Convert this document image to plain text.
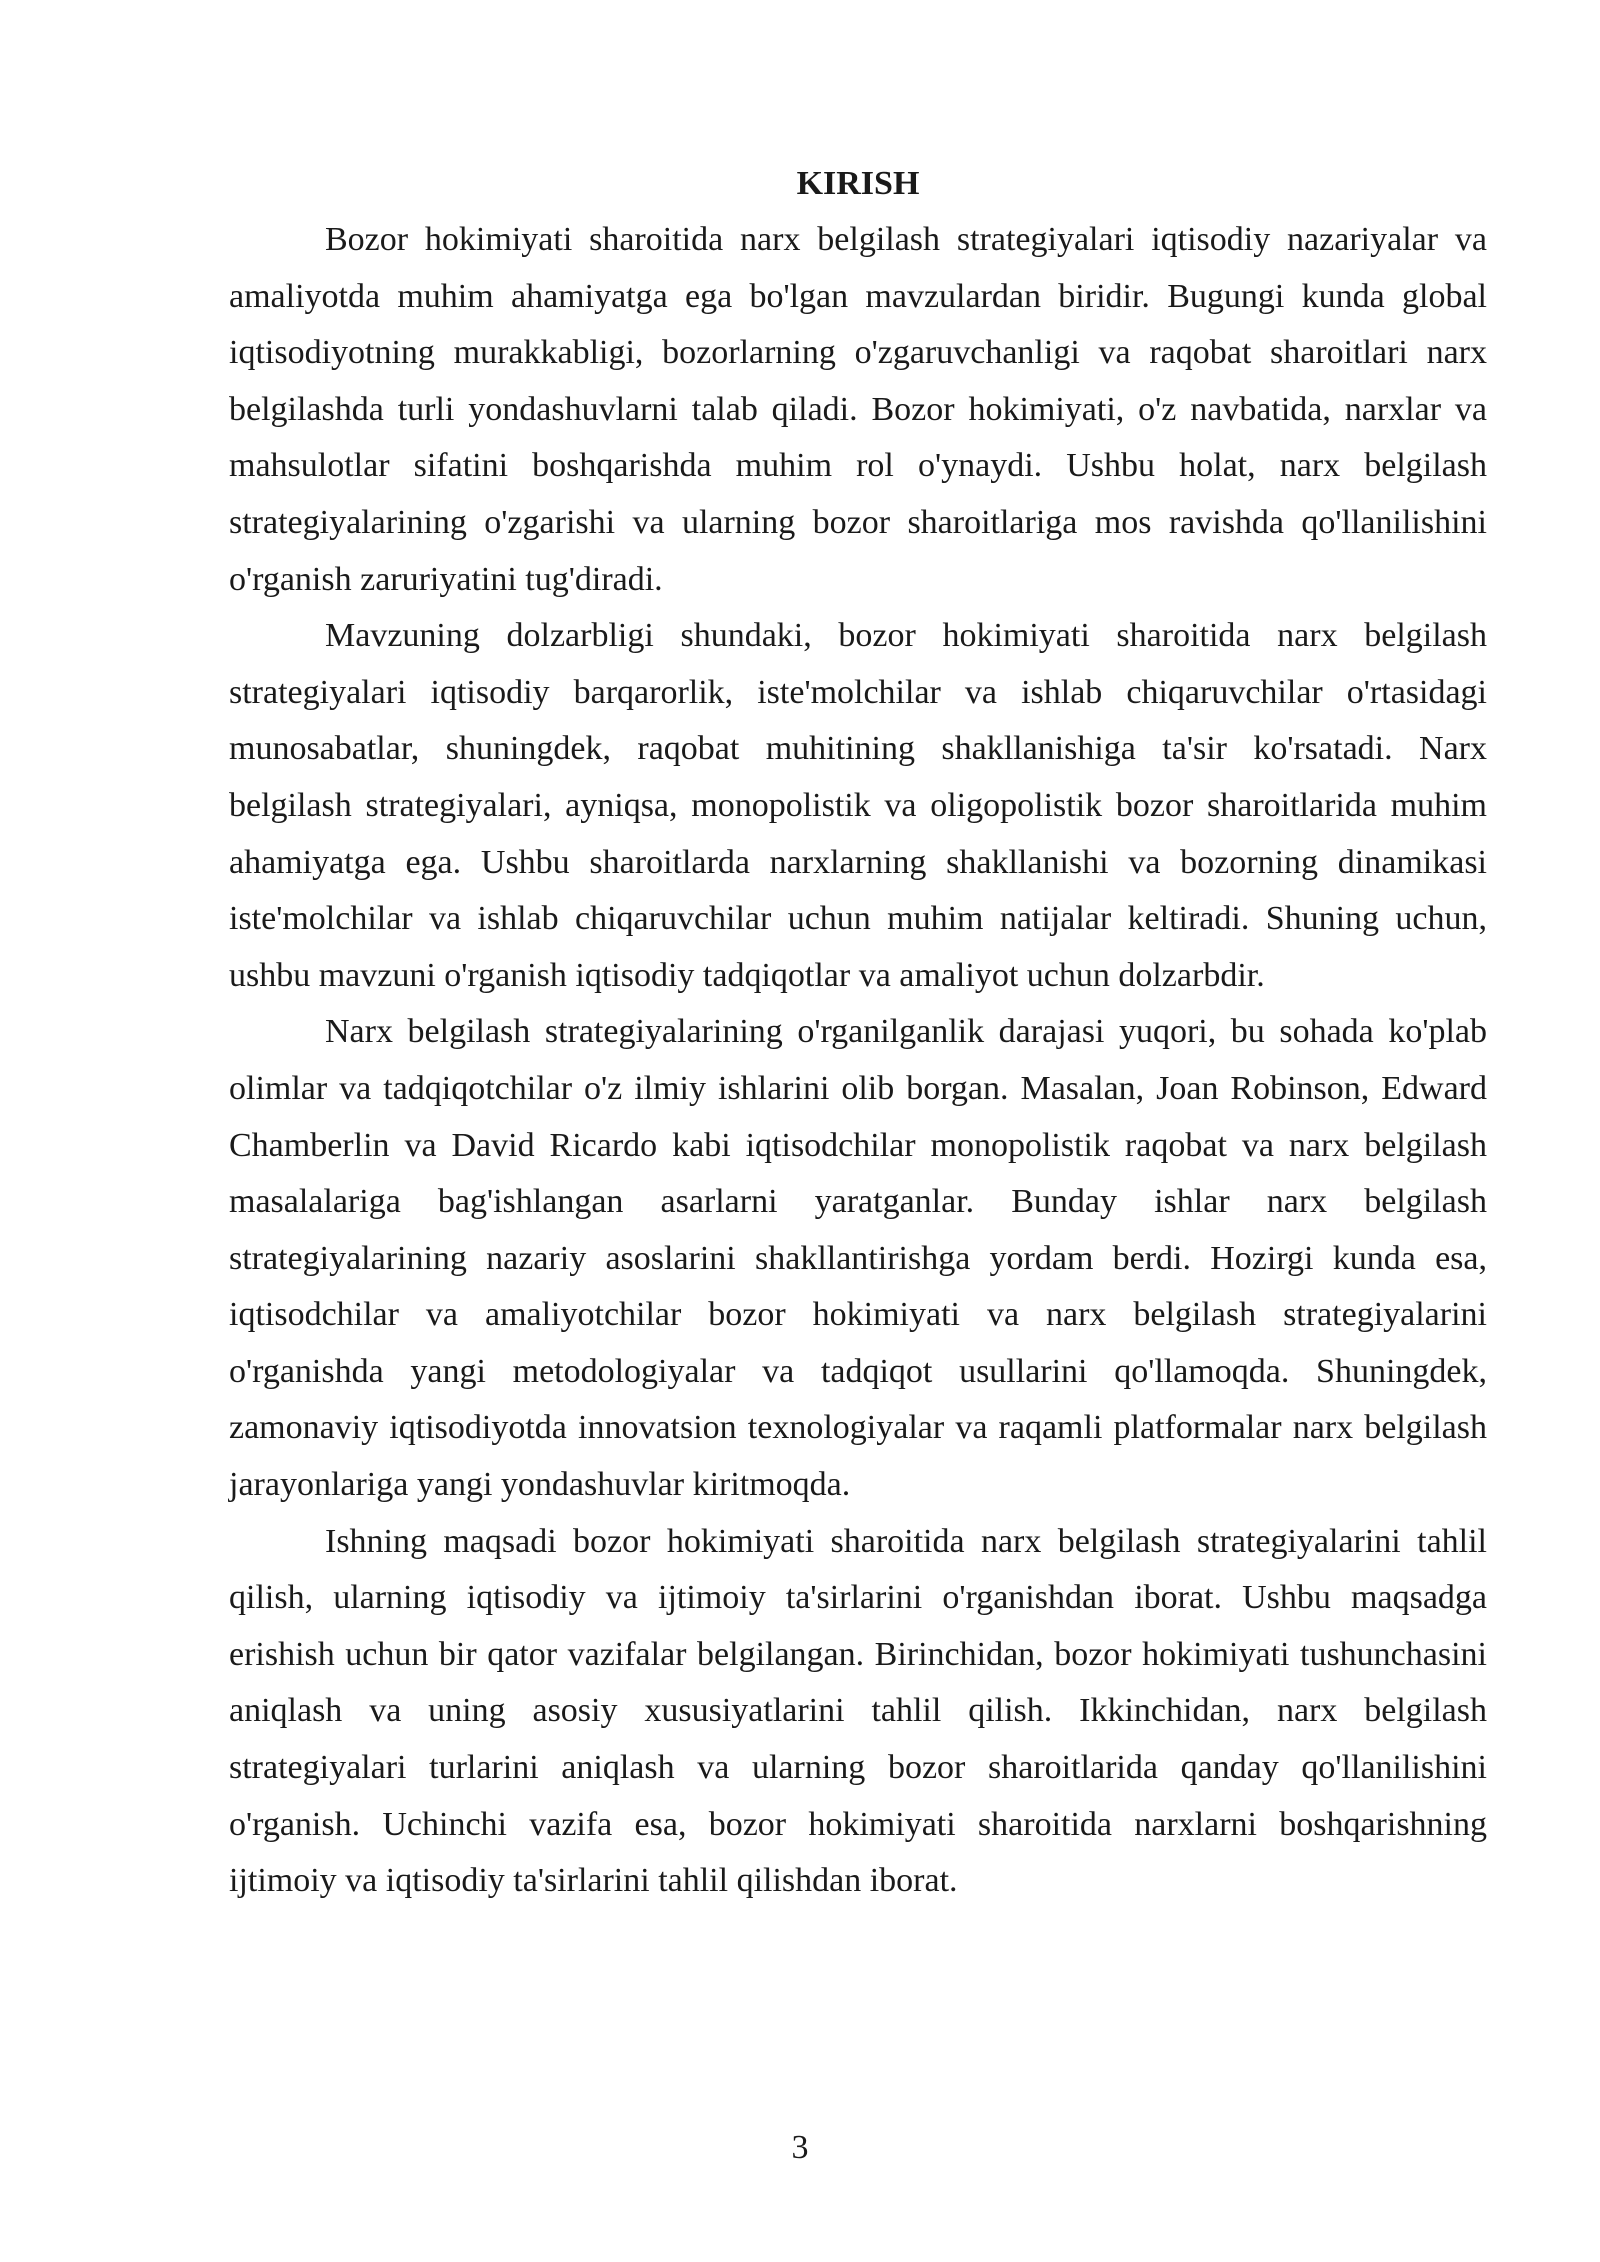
KIRISH

Bozor hokimiyati sharoitida narx belgilash strategiyalari iqtisodiy nazariyalar va amaliyotda muhim ahamiyatga ega bo'lgan mavzulardan biridir. Bugungi kunda global iqtisodiyotning murakkabligi, bozorlarning o'zgaruvchanligi va raqobat sharoitlari narx belgilashda turli yondashuvlarni talab qiladi. Bozor hokimiyati, o'z navbatida, narxlar va mahsulotlar sifatini boshqarishda muhim rol o'ynaydi. Ushbu holat, narx belgilash strategiyalarining o'zgarishi va ularning bozor sharoitlariga mos ravishda qo'llanilishini o'rganish zaruriyatini tug'diradi.

Mavzuning dolzarbligi shundaki, bozor hokimiyati sharoitida narx belgilash strategiyalari iqtisodiy barqarorlik, iste'molchilar va ishlab chiqaruvchilar o'rtasidagi munosabatlar, shuningdek, raqobat muhitining shakllanishiga ta'sir ko'rsatadi. Narx belgilash strategiyalari, ayniqsa, monopolistik va oligopolistik bozor sharoitlarida muhim ahamiyatga ega. Ushbu sharoitlarda narxlarning shakllanishi va bozorning dinamikasi iste'molchilar va ishlab chiqaruvchilar uchun muhim natijalar keltiradi. Shuning uchun, ushbu mavzuni o'rganish iqtisodiy tadqiqotlar va amaliyot uchun dolzarbdir.

Narx belgilash strategiyalarining o'rganilganlik darajasi yuqori, bu sohada ko'plab olimlar va tadqiqotchilar o'z ilmiy ishlarini olib borgan. Masalan, Joan Robinson, Edward Chamberlin va David Ricardo kabi iqtisodchilar monopolistik raqobat va narx belgilash masalalariga bag'ishlangan asarlarni yaratganlar. Bunday ishlar narx belgilash strategiyalarining nazariy asoslarini shakllantirishga yordam berdi. Hozirgi kunda esa, iqtisodchilar va amaliyotchilar bozor hokimiyati va narx belgilash strategiyalarini o'rganishda yangi metodologiyalar va tadqiqot usullarini qo'llamoqda. Shuningdek, zamonaviy iqtisodiyotda innovatsion texnologiyalar va raqamli platformalar narx belgilash jarayonlariga yangi yondashuvlar kiritmoqda.

Ishning maqsadi bozor hokimiyati sharoitida narx belgilash strategiyalarini tahlil qilish, ularning iqtisodiy va ijtimoiy ta'sirlarini o'rganishdan iborat. Ushbu maqsadga erishish uchun bir qator vazifalar belgilangan. Birinchidan, bozor hokimiyati tushunchasini aniqlash va uning asosiy xususiyatlarini tahlil qilish. Ikkinchidan, narx belgilash strategiyalari turlarini aniqlash va ularning bozor sharoitlarida qanday qo'llanilishini o'rganish. Uchinchi vazifa esa, bozor hokimiyati sharoitida narxlarni boshqarishning ijtimoiy va iqtisodiy ta'sirlarini tahlil qilishdan iborat.

3
